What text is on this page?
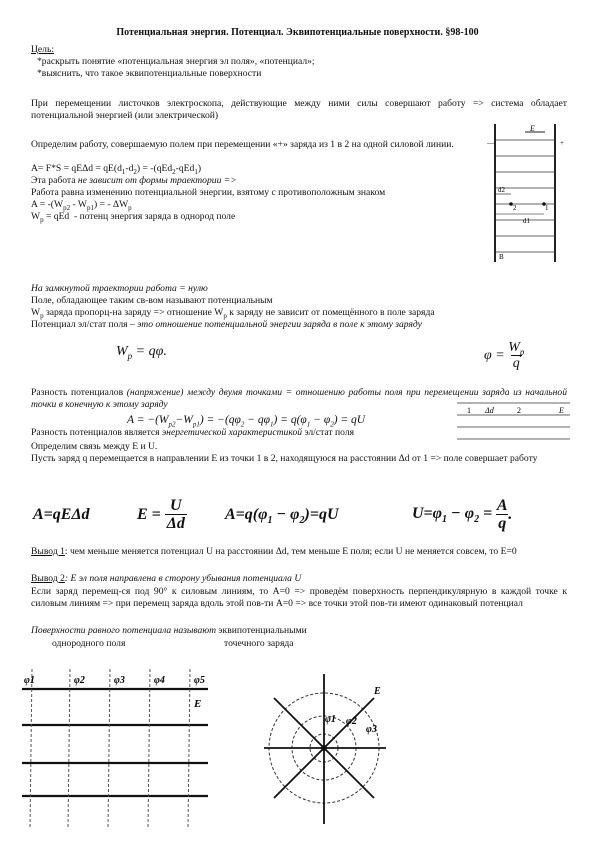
Потенциальная энергия. Потенциал. Эквипотенциальные поверхности. §98-100
Цель:
*раскрыть понятие «потенциальная энергия эл поля», «потенциал»;
*выяснить, что такое эквипотенциальные поверхности
При перемещении листочков электроскопа, действующие между ними силы совершают работу => система обладает потенциальной энергией (или электрической)
Определим работу, совершаемую полем при перемещении «+» заряда из 1 в 2 на одной силовой линии.
$A= F*S = qE\Delta d = qE(d_1-d_2) = -(qEd_2-qEd_1)$
Эта работа не зависит от формы траектории =>
Работа равна изменению потенциальной энергии, взятому с противоположным знаком
$A = -(W_{p2} - W_{p1})$ = - $\Delta W_p$
$W_p$ = qEd  - потенц энергия заряда в однород поле
E
—	+
d2
d1
2	1
B
На замкнутой траектории работа = нулю
Поле, обладающее таким св-вом называют потенциальным
$W_p$ заряда пропорц-на заряду => отношение $W_p$ к заряду не зависит от помещённого в поле заряда
Потенциал эл/стат поля – это отношение потенциальной энергии заряда в поле к этому заряду
$W_p = q\varphi$.	$\varphi = \frac{W_p}{q}$
Разность потенциалов (напряжение) между двумя точками = отношению работы поля при перемещении заряда из начальной точки в конечную к этому заряду
$A = -(W_{p2}-W_{p1}) = -(q\varphi_2 - q\varphi_1) = q(\varphi_1 - \varphi_2)$ = qU
Разность потенциалов является энергетической характеристикой эл/стат поля
1 Δd	2	E
Определим связь между E и U.
Пусть заряд q перемещается в направлении E из точки 1 в 2, находящуюся на расстоянии Δd от 1 => поле совершает работу
A=qEΔd	$E = \frac{U}{\Delta d} A=q(\varphi_1 - \varphi_2)=qU$	$U=\varphi_1 - \varphi_2 = \frac{A}{q}$ .
Вывод 1: чем меньше меняется потенциал U на расстоянии Δd, тем меньше E поля; если U не меняется совсем, то E=0
Вывод 2: E эл поля направлена в сторону убывания потенциала U
Если заряд перемещ-ся под 90° к силовым линиям, то A=0 => проведём поверхность перпендикулярную в каждой точке к силовым линиям => при перемещ заряда вдоль этой пов-ти A=0 => все точки этой пов-ти имеют одинаковый потенциал
Поверхности равного потенциала называют эквипотенциальными
однородного поля	точечного заряда
φ1	φ2	φ3	φ4	φ5
E
φ1 φ2
φ3
E
